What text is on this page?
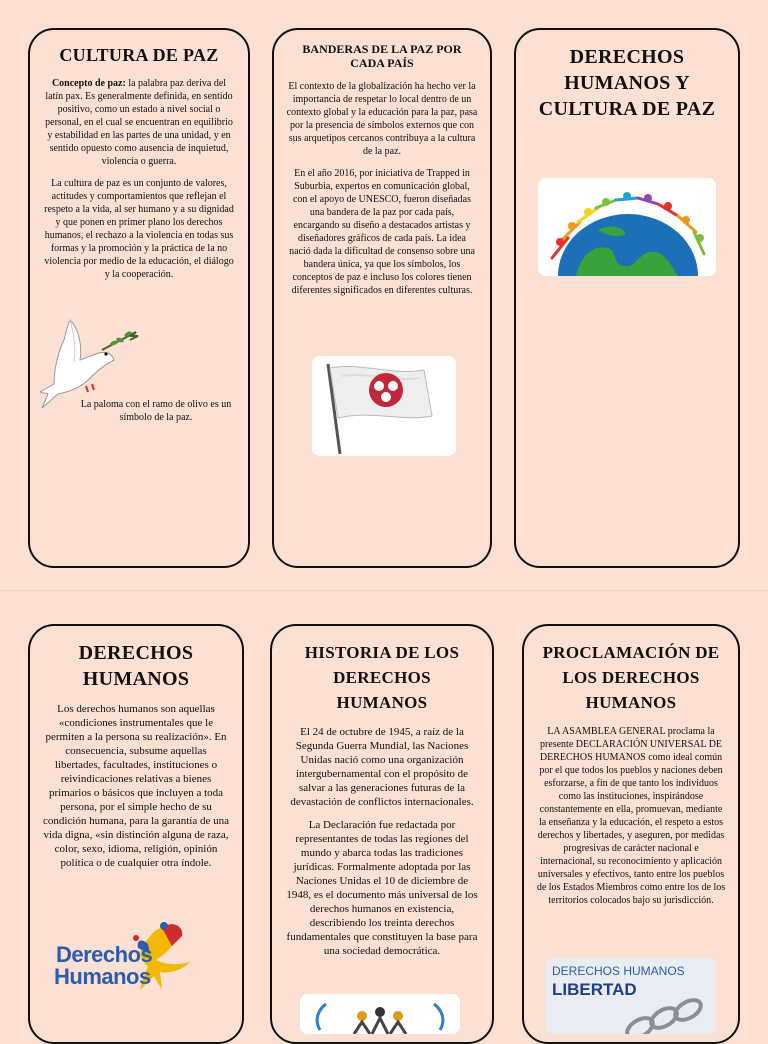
CULTURA DE PAZ

Concepto de paz: la palabra paz deriva del latín pax. Es generalmente definida, en sentido positivo, como un estado a nivel social o personal, en el cual se encuentran en equilibrio y estabilidad en las partes de una unidad, y en sentido opuesto como ausencia de inquietud, violencia o guerra.

La cultura de paz es un conjunto de valores, actitudes y comportamientos que reflejan el respeto a la vida, al ser humano y a su dignidad y que ponen en primer plano los derechos humanos, el rechazo a la violencia en todas sus formas y la promoción y la práctica de la no violencia por medio de la educación, el diálogo y la cooperación.

La paloma con el ramo de olivo es un símbolo de la paz.

BANDERAS DE LA PAZ POR CADA PAÍS

El contexto de la globalización ha hecho ver la importancia de respetar lo local dentro de un contexto global y la educación para la paz, pasa por la presencia de símbolos externos que con sus arquetipos cercanos contribuya a la cultura de la paz.

En el año 2016, por iniciativa de Trapped in Suburbia, expertos en comunicación global, con el apoyo de UNESCO, fueron diseñadas una bandera de la paz por cada país, encargando su diseño a destacados artistas y diseñadores gráficos de cada país. La idea nació dada la dificultad de consenso sobre una bandera única, ya que los símbolos, los conceptos de paz e incluso los colores tienen diferentes significados en diferentes culturas.

DERECHOS HUMANOS Y CULTURA DE PAZ
DERECHOS HUMANOS

Los derechos humanos son aquellas «condiciones instrumentales que le permiten a la persona su realización». En consecuencia, subsume aquellas libertades, facultades, instituciones o reivindicaciones relativas a bienes primarios o básicos que incluyen a toda persona, por el simple hecho de su condición humana, para la garantía de una vida digna, «sin distinción alguna de raza, color, sexo, idioma, religión, opinión política o de cualquier otra índole.

Derechos
Humanos
HISTORIA DE LOS DERECHOS HUMANOS

El 24 de octubre de 1945, a raíz de la Segunda Guerra Mundial, las Naciones Unidas nació como una organización intergubernamental con el propósito de salvar a las generaciones futuras de la devastación de conflictos internacionales.

La Declaración fue redactada por representantes de todas las regiones del mundo y abarca todas las tradiciones jurídicas. Formalmente adoptada por las Naciones Unidas el 10 de diciembre de 1948, es el documento más universal de los derechos humanos en existencia, describiendo los treinta derechos fundamentales que constituyen la base para una sociedad democrática.

PROCLAMACIÓN DE LOS DERECHOS HUMANOS

LA ASAMBLEA GENERAL proclama la presente DECLARACIÓN UNIVERSAL DE DERECHOS HUMANOS como ideal común por el que todos los pueblos y naciones deben esforzarse, a fin de que tanto los individuos como las instituciones, inspirándose constantemente en ella, promuevan, mediante la enseñanza y la educación, el respeto a estos derechos y libertades, y aseguren, por medidas progresivas de carácter nacional e internacional, su reconocimiento y aplicación universales y efectivos, tanto entre los pueblos de los Estados Miembros como entre los de los territorios colocados bajo su jurisdicción.

DERECHOS HUMANOS
LIBERTAD
